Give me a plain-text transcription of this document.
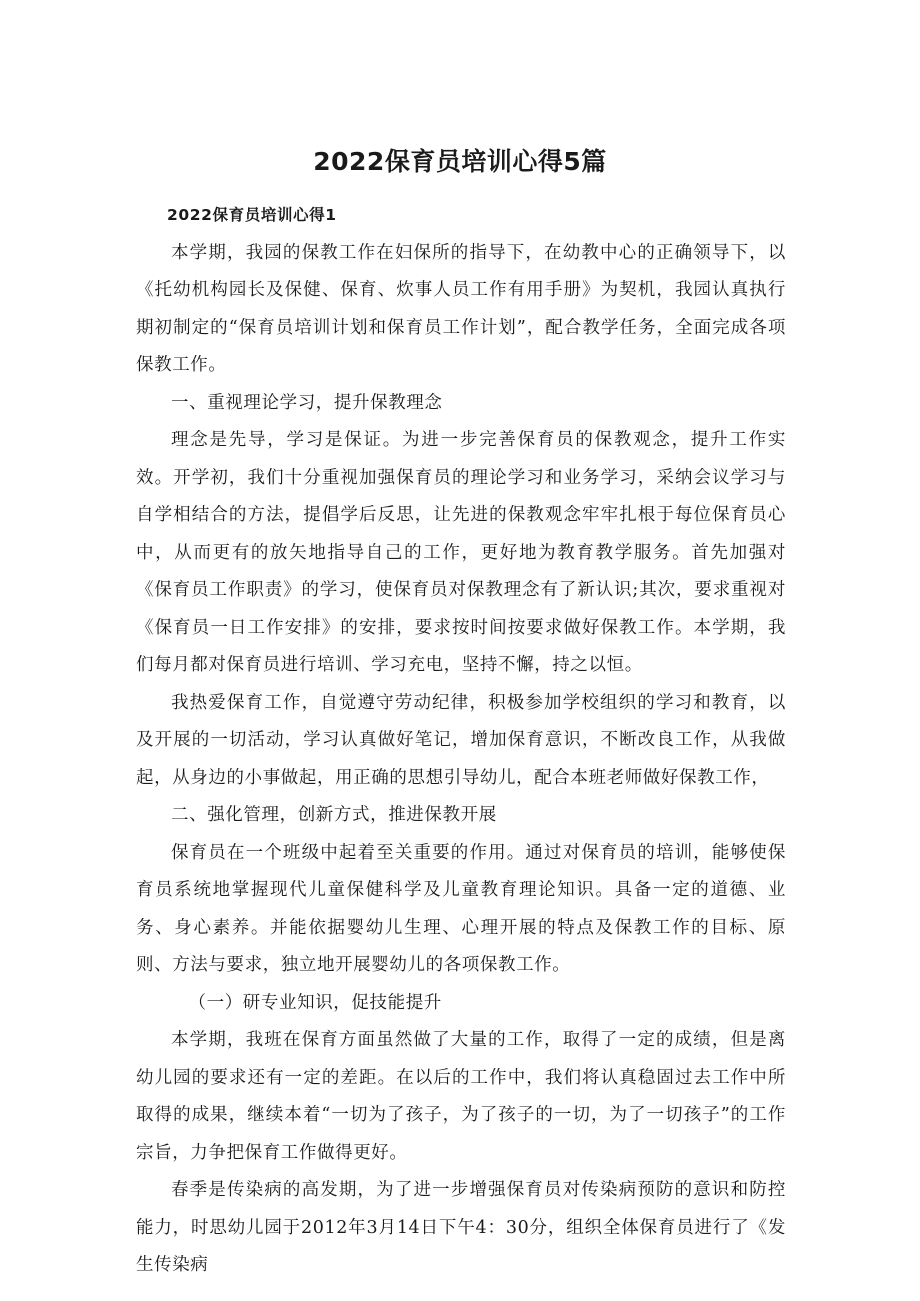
2022保育员培训心得5篇

2022保育员培训心得1

本学期，我园的保教工作在妇保所的指导下，在幼教中心的正确领导下，以《托幼机构园长及保健、保育、炊事人员工作有用手册》为契机，我园认真执行期初制定的“保育员培训计划和保育员工作计划”，配合教学任务，全面完成各项保教工作。

一、重视理论学习，提升保教理念

理念是先导，学习是保证。为进一步完善保育员的保教观念，提升工作实效。开学初，我们十分重视加强保育员的理论学习和业务学习，采纳会议学习与自学相结合的方法，提倡学后反思，让先进的保教观念牢牢扎根于每位保育员心中，从而更有的放矢地指导自己的工作，更好地为教育教学服务。首先加强对《保育员工作职责》的学习，使保育员对保教理念有了新认识;其次，要求重视对《保育员一日工作安排》的安排，要求按时间按要求做好保教工作。本学期，我们每月都对保育员进行培训、学习充电，坚持不懈，持之以恒。

我热爱保育工作，自觉遵守劳动纪律，积极参加学校组织的学习和教育，以及开展的一切活动，学习认真做好笔记，增加保育意识，不断改良工作，从我做起，从身边的小事做起，用正确的思想引导幼儿，配合本班老师做好保教工作，

二、强化管理，创新方式，推进保教开展

保育员在一个班级中起着至关重要的作用。通过对保育员的培训，能够使保育员系统地掌握现代儿童保健科学及儿童教育理论知识。具备一定的道德、业务、身心素养。并能依据婴幼儿生理、心理开展的特点及保教工作的目标、原则、方法与要求，独立地开展婴幼儿的各项保教工作。

（一）研专业知识，促技能提升

本学期，我班在保育方面虽然做了大量的工作，取得了一定的成绩，但是离幼儿园的要求还有一定的差距。在以后的工作中，我们将认真稳固过去工作中所取得的成果，继续本着“一切为了孩子，为了孩子的一切，为了一切孩子”的工作宗旨，力争把保育工作做得更好。

春季是传染病的高发期，为了进一步增强保育员对传染病预防的意识和防控能力，时思幼儿园于2012年3月14日下午4：30分，组织全体保育员进行了《发生传染病
